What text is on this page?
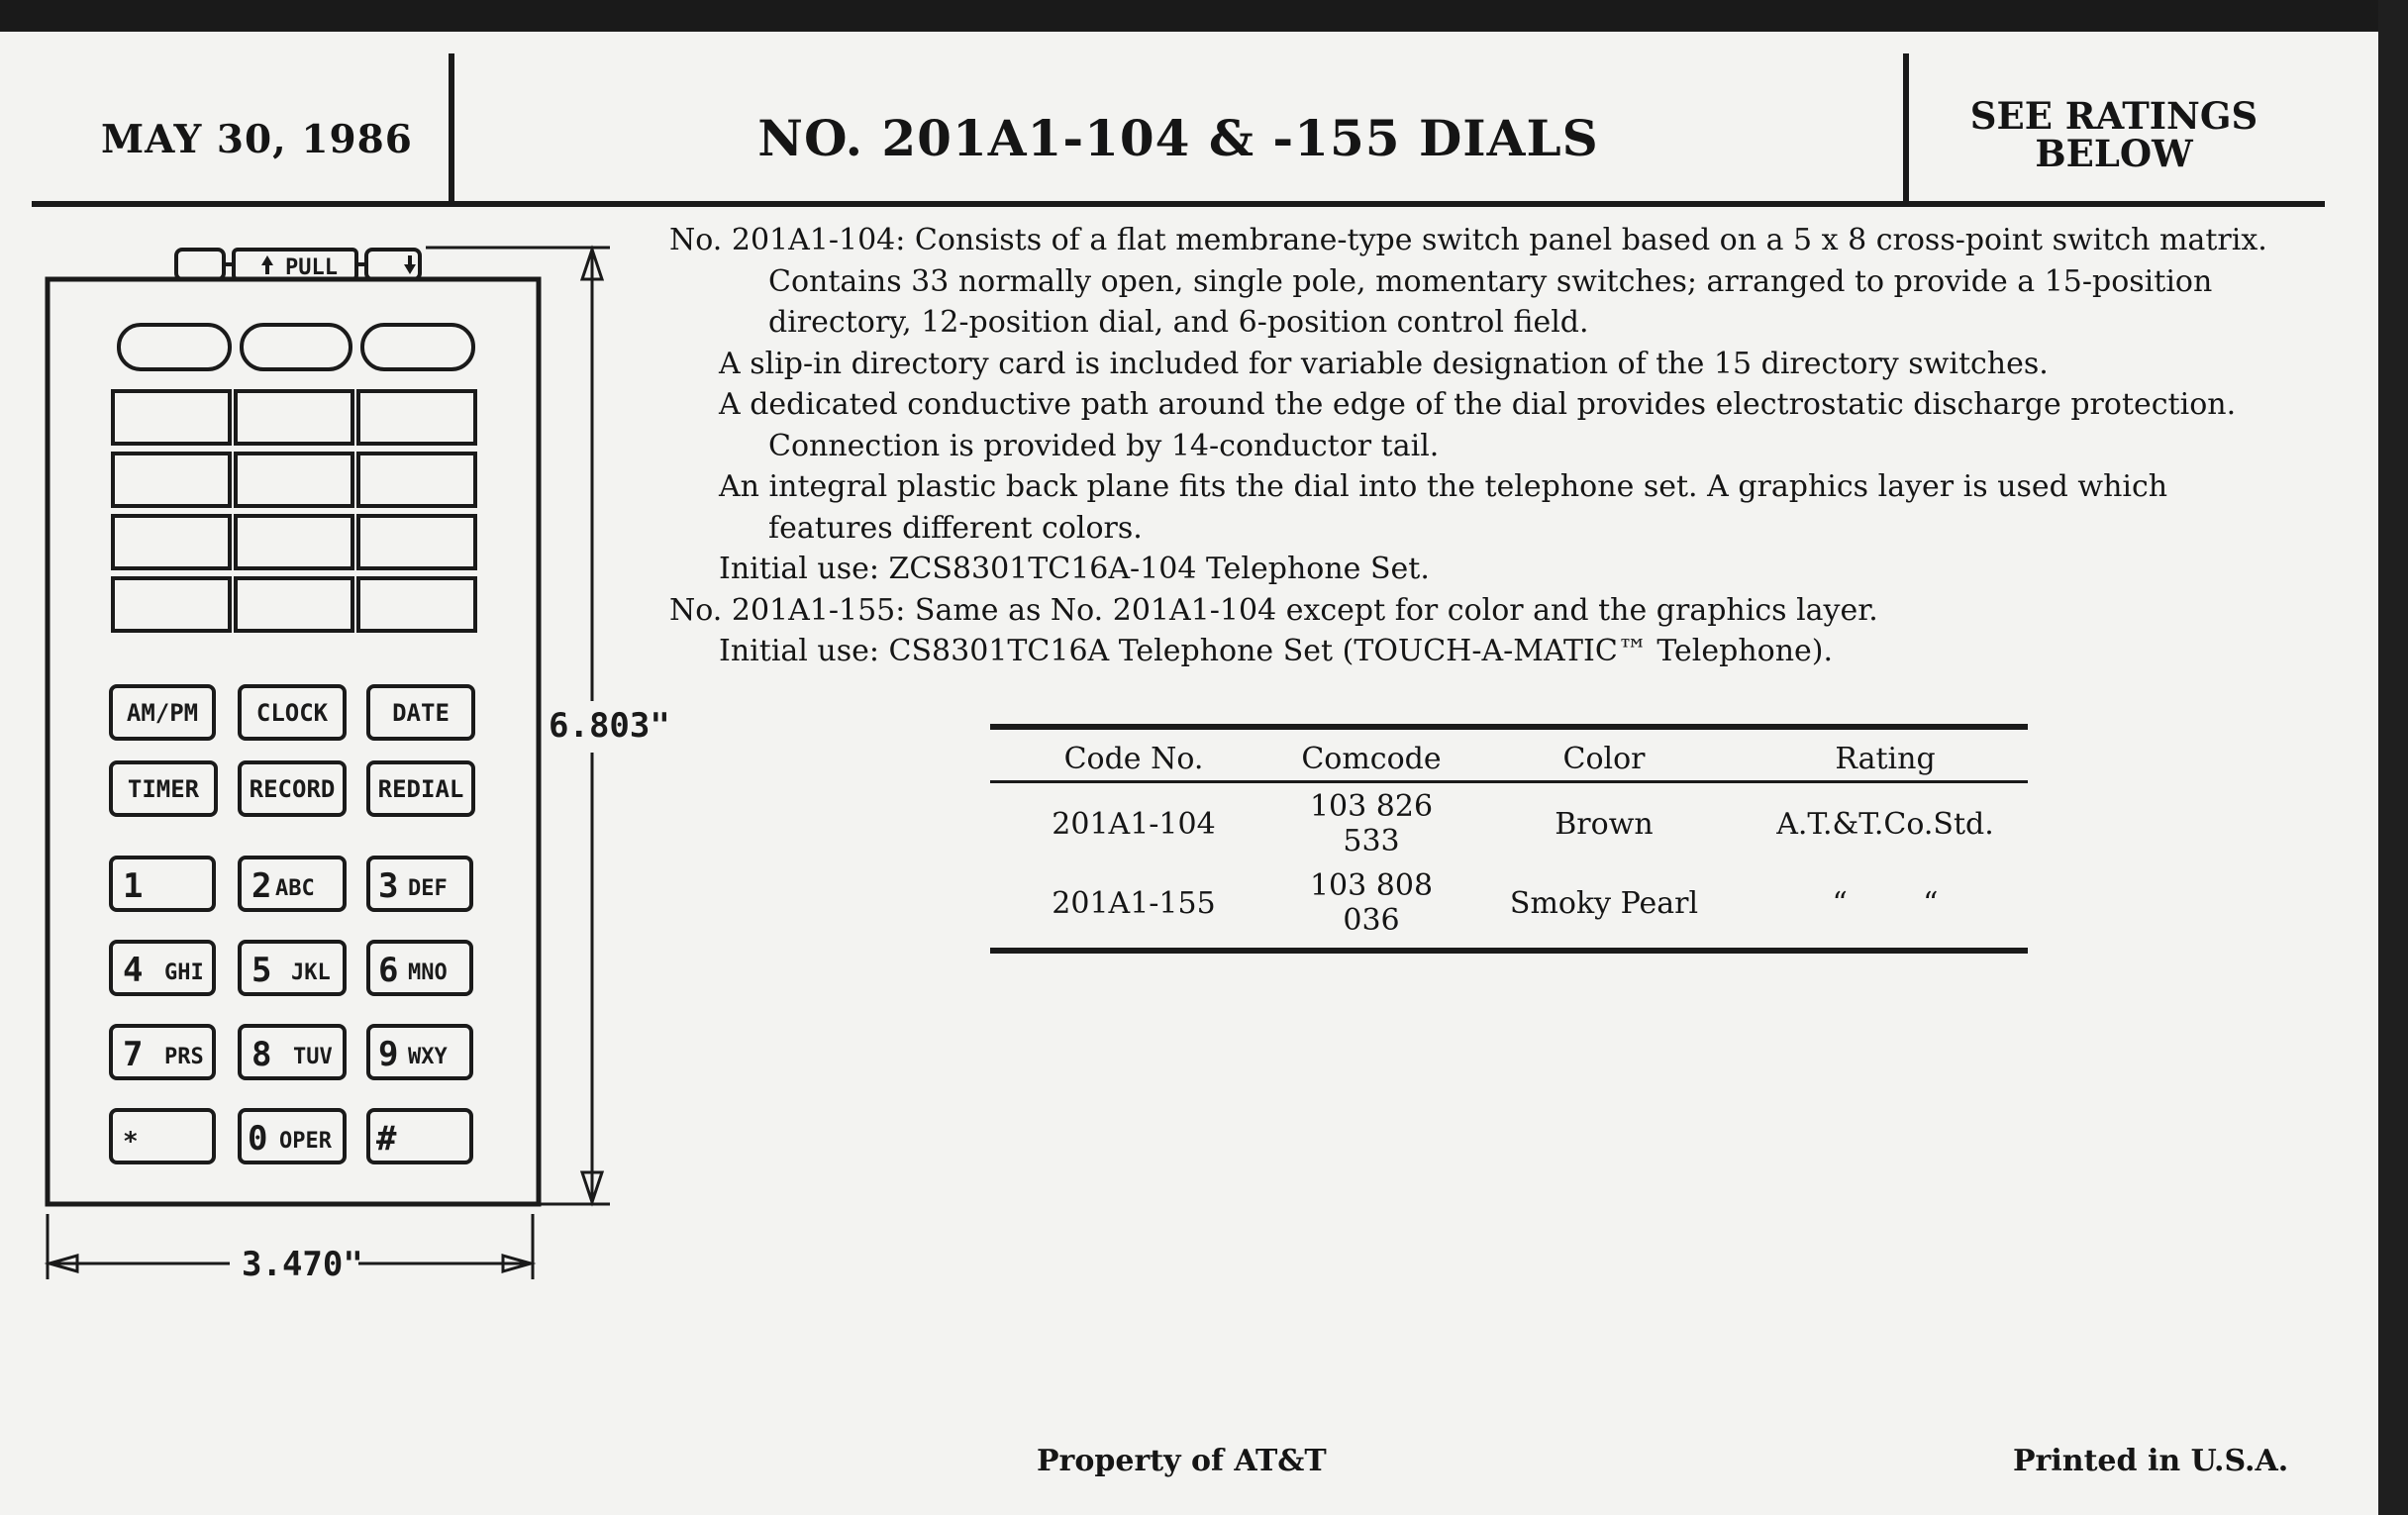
MAY 30, 1986	NO. 201A1-104 & -155 DIALS	SEE RATINGS
BELOW

No. 201A1-104: Consists of a flat membrane-type switch panel based on a 5 x 8 cross-point switch matrix. Contains 33 normally open, single pole, momentary switches; arranged to provide a 15-position directory, 12-position dial, and 6-position control field.

A slip-in directory card is included for variable designation of the 15 directory switches.

A dedicated conductive path around the edge of the dial provides electrostatic discharge protection. Connection is provided by 14-conductor tail.

An integral plastic back plane fits the dial into the telephone set. A graphics layer is used which features different colors.

Initial use: ZCS8301TC16A-104 Telephone Set.

No. 201A1-155: Same as No. 201A1-104 except for color and the graphics layer.

Initial use: CS8301TC16A Telephone Set (TOUCH-A-MATIC™ Telephone).

Code No.	Comcode	Color	Rating
201A1-104	103 826 533	Brown	A.T.&T.Co.Std.
201A1-155	103 808 036	Smoky Pearl	“        “
PULL
AM/PM CLOCK	DATE
TIMER RECORD REDIAL
1	2	3
4	5	6
7	8	9
*	0	#
ABC	DEF
GHI	JKL	MNO
PRS	TUV	WXY
OPER
6.803"
3.470"
Property of AT&T	Printed in U.S.A.
